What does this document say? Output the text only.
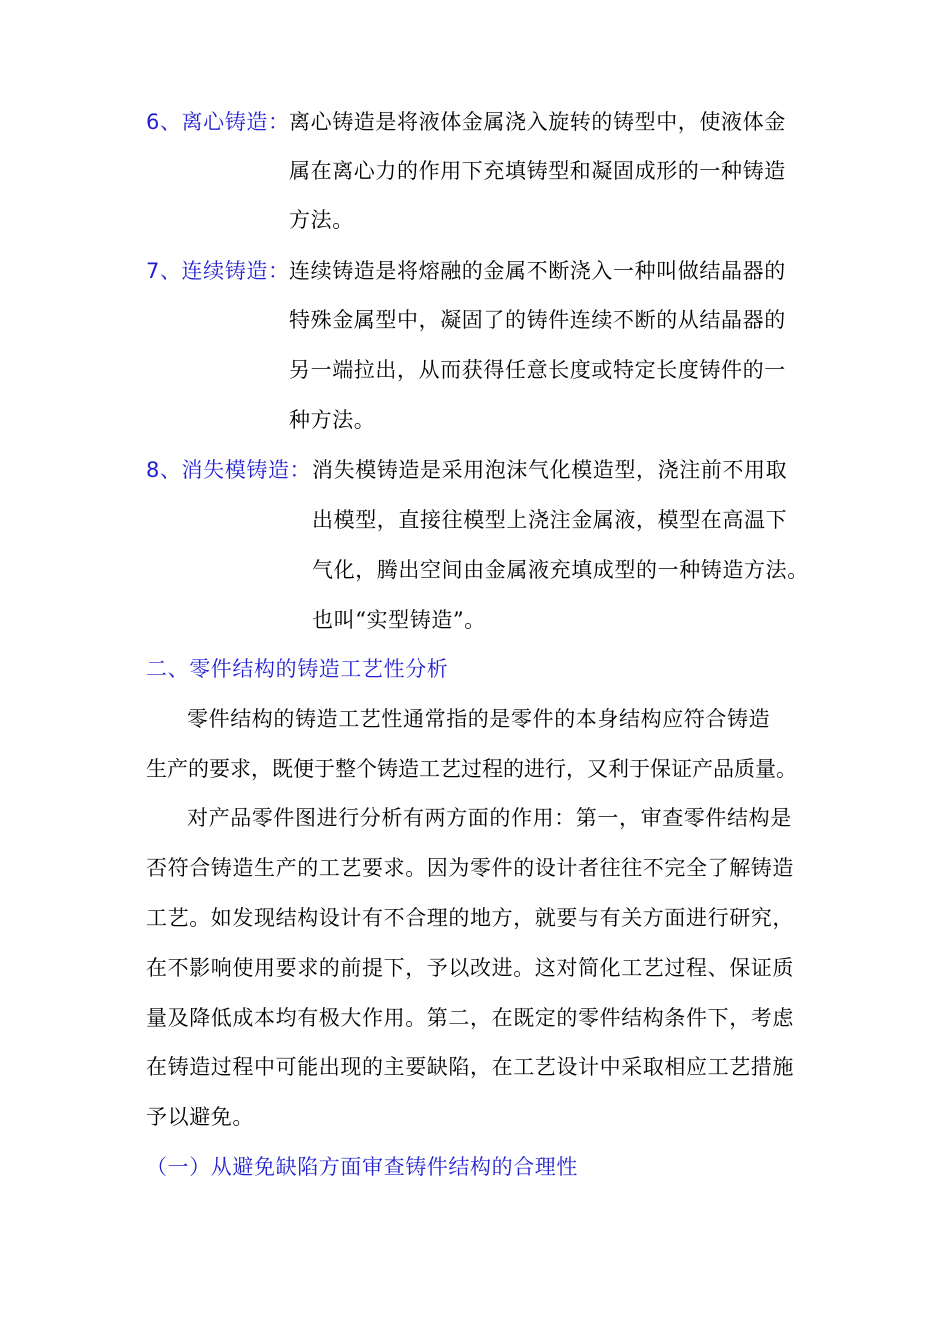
6、离心铸造： 离心铸造是将液体金属浇入旋转的铸型中，使液体金
属在离心力的作用下充填铸型和凝固成形的一种铸造
方法。
7、连续铸造： 连续铸造是将熔融的金属不断浇入一种叫做结晶器的
特殊金属型中，凝固了的铸件连续不断的从结晶器的
另一端拉出，从而获得任意长度或特定长度铸件的一
种方法。
8、消失模铸造： 消失模铸造是采用泡沫气化模造型，浇注前不用取
出模型，直接往模型上浇注金属液，模型在高温下
气化，腾出空间由金属液充填成型的一种铸造方法。
也叫“实型铸造”。
二、零件结构的铸造工艺性分析
零件结构的铸造工艺性通常指的是零件的本身结构应符合铸造
生产的要求，既便于整个铸造工艺过程的进行，又利于保证产品质量。
对产品零件图进行分析有两方面的作用：第一，审查零件结构是
否符合铸造生产的工艺要求。因为零件的设计者往往不完全了解铸造
工艺。如发现结构设计有不合理的地方，就要与有关方面进行研究，
在不影响使用要求的前提下，予以改进。这对简化工艺过程、保证质
量及降低成本均有极大作用。第二，在既定的零件结构条件下，考虑
在铸造过程中可能出现的主要缺陷，在工艺设计中采取相应工艺措施
予以避免。
（一）从避免缺陷方面审查铸件结构的合理性
